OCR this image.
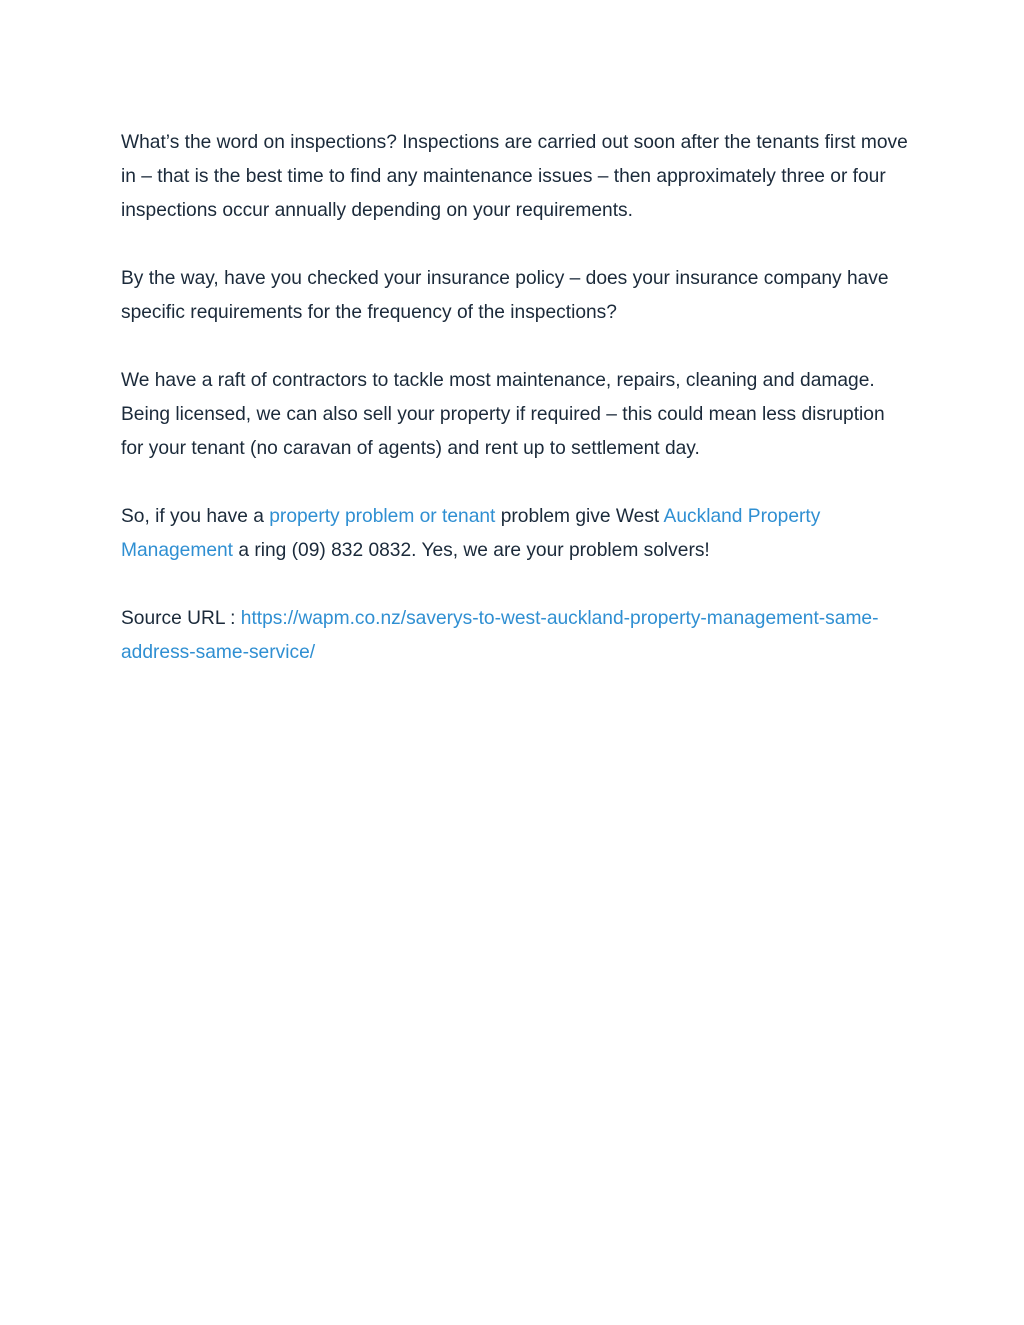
What’s the word on inspections? Inspections are carried out soon after the tenants first move in – that is the best time to find any maintenance issues – then approximately three or four inspections occur annually depending on your requirements.

By the way, have you checked your insurance policy – does your insurance company have specific requirements for the frequency of the inspections?

We have a raft of contractors to tackle most maintenance, repairs, cleaning and damage. Being licensed, we can also sell your property if required – this could mean less disruption for your tenant (no caravan of agents) and rent up to settlement day.

So, if you have a property problem or tenant problem give West Auckland Property Management a ring (09) 832 0832. Yes, we are your problem solvers!

Source URL : https://wapm.co.nz/saverys-to-west-auckland-property-management-same-address-same-service/
